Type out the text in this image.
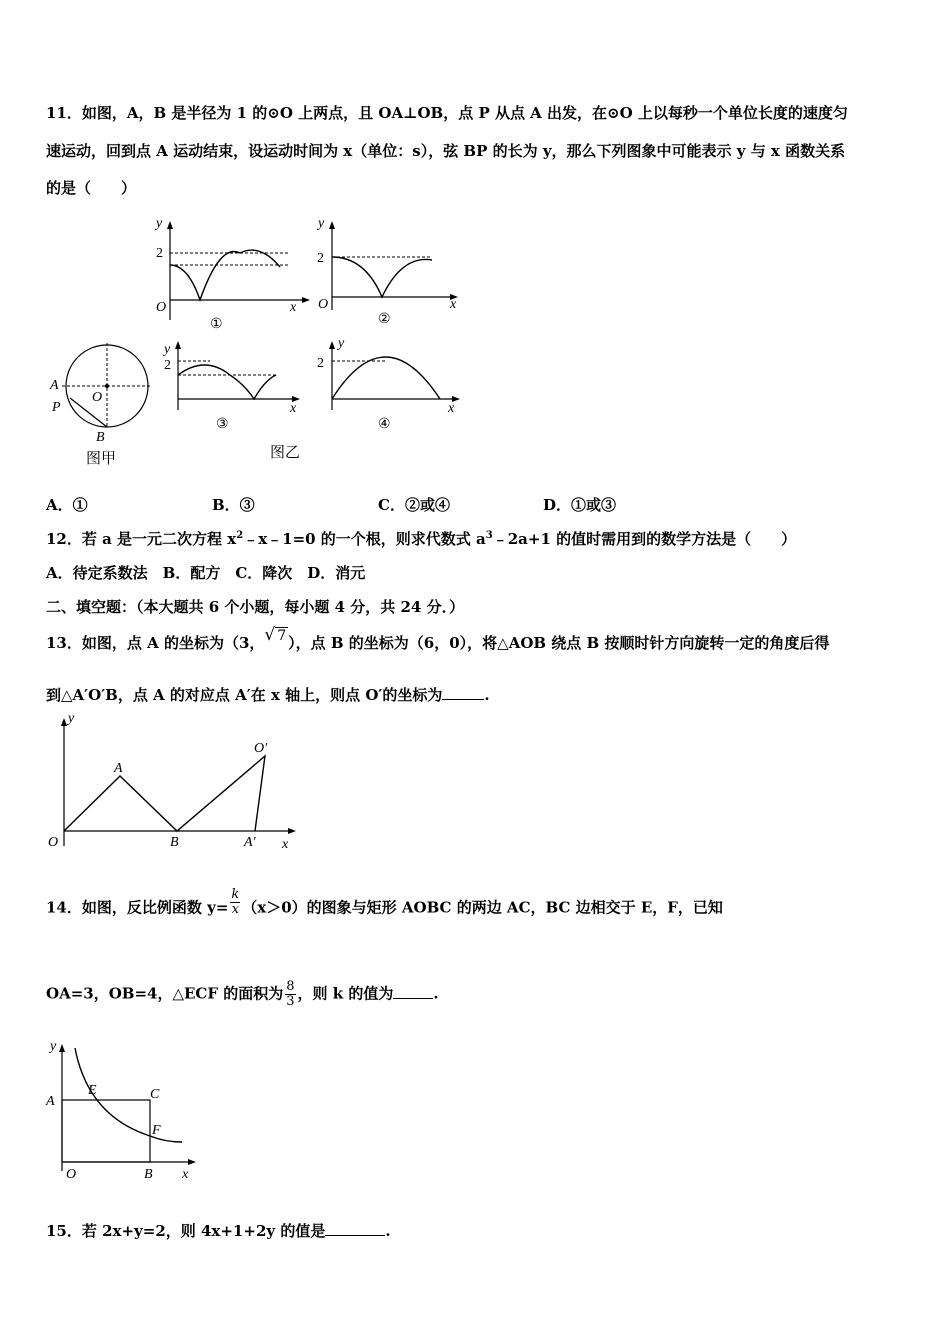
11．如图，A，B 是半径为 1 的⊙O 上两点，且 OA⊥OB，点 P 从点 A 出发，在⊙O 上以每秒一个单位长度的速度匀
速运动，回到点 A 运动结束，设运动时间为 x（单位：s），弦 BP 的长为 y，那么下列图象中可能表示 y 与 x 函数关系
的是（　　）
y
2
O	x
①
y
2
O	x
②
A
P
O
B
图甲
y
2
x
③
图乙
y
2
x
④
A．①	B．③	C．②或④	D．①或③
12．若 a 是一元二次方程 $x^2﹣x﹣1=0$ 的一个根，则求代数式 $a^3﹣2a+1$ 的值时需用到的数学方法是（　　）
A．待定系数法　B．配方　C．降次　D．消元
二、填空题：（本大题共 6 个小题，每小题 4 分，共 24 分．）
13．如图，点 A 的坐标为（3，√ 7 ），点 B 的坐标为（6，0），将△AOB 绕点 B 按顺时针方向旋转一定的角度后得
到△A′O′B，点 A 的对应点 A′在 x 轴上，则点 O′的坐标为	.
y
O
A
B
O′
A′ x
14．如图，反比例函数 $y= \frac{k}{x} (x>0)$的图象与矩形 AOBC 的两边 AC，BC 边相交于 E，F，已知
OA=3，OB=4，△ECF 的面积为 $\frac{8}{3}$ ，则 k 的值为	.
y
A
E	C
F
O	B x
15．若 2x+y=2，则 4x+1+2y 的值是	.
